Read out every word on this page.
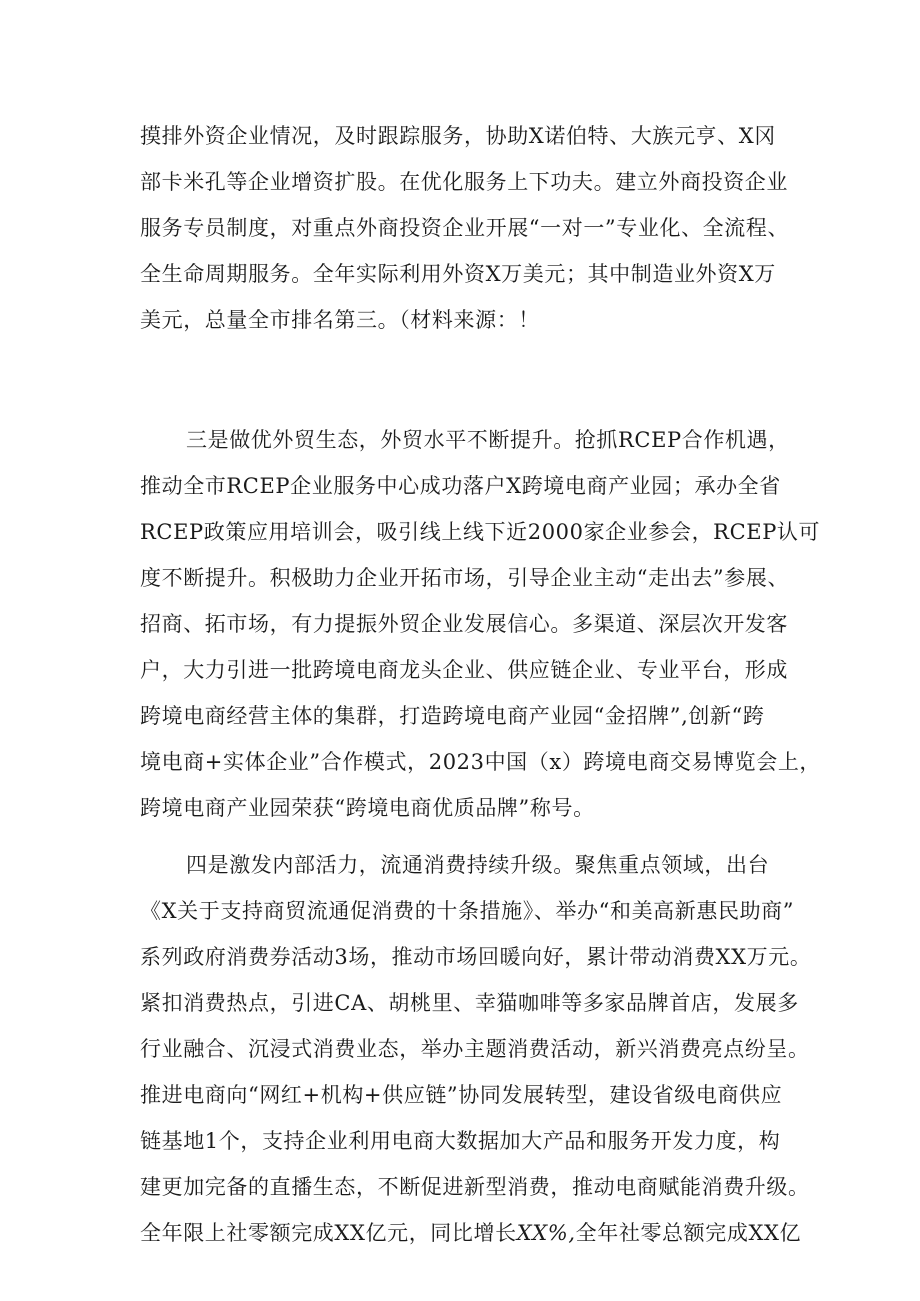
摸排外资企业情况，及时跟踪服务，协助X诺伯特、大族元亨、X冈
部卡米孔等企业增资扩股。在优化服务上下功夫。建立外商投资企业
服务专员制度，对重点外商投资企业开展“一对一”专业化、全流程、
全生命周期服务。全年实际利用外资X万美元；其中制造业外资X万
美元，总量全市排名第三。（材料来源：！
三是做优外贸生态，外贸水平不断提升。抢抓RCEP合作机遇，
推动全市RCEP企业服务中心成功落户X跨境电商产业园；承办全省
RCEP政策应用培训会，吸引线上线下近2000家企业参会，RCEP认可
度不断提升。积极助力企业开拓市场，引导企业主动“走出去”参展、
招商、拓市场，有力提振外贸企业发展信心。多渠道、深层次开发客
户，大力引进一批跨境电商龙头企业、供应链企业、专业平台，形成
跨境电商经营主体的集群，打造跨境电商产业园“金招牌”,创新“跨
境电商+实体企业”合作模式，2023中国（x）跨境电商交易博览会上，
跨境电商产业园荣获“跨境电商优质品牌”称号。
四是激发内部活力，流通消费持续升级。聚焦重点领域，出台
《X关于支持商贸流通促消费的十条措施》、举办“和美高新惠民助商”
系列政府消费券活动3场，推动市场回暖向好，累计带动消费XX万元。
紧扣消费热点，引进CA、胡桃里、幸猫咖啡等多家品牌首店，发展多
行业融合、沉浸式消费业态，举办主题消费活动，新兴消费亮点纷呈。
推进电商向“网红+机构+供应链”协同发展转型，建设省级电商供应
链基地1个，支持企业利用电商大数据加大产品和服务开发力度，构
建更加完备的直播生态，不断促进新型消费，推动电商赋能消费升级。
全年限上社零额完成XX亿元，同比增长XX%,全年社零总额完成XX亿
